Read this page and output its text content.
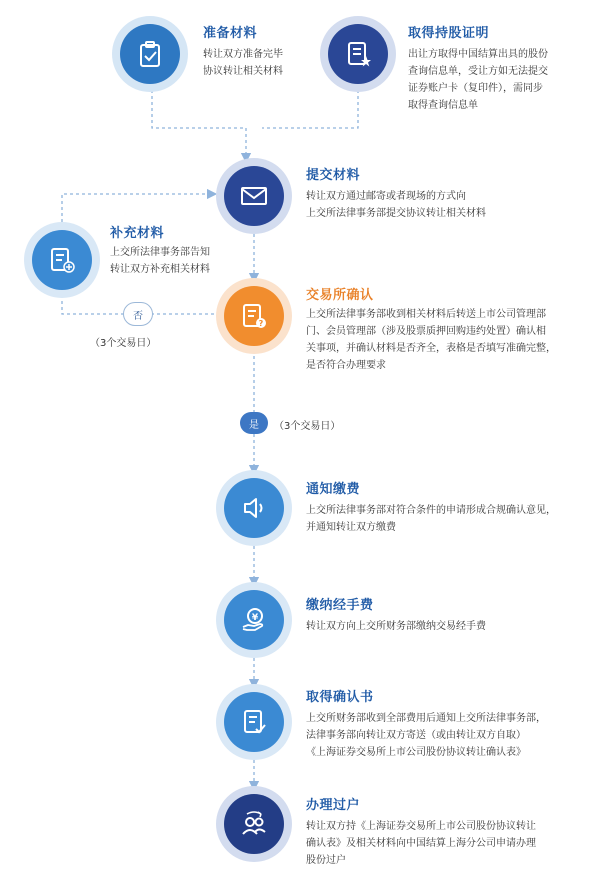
准备材料
转让双方准备完毕
协议转让相关材料
取得持股证明
出让方取得中国结算出具的股份
查询信息单，受让方如无法提交
证券账户卡（复印件），需同步
取得查询信息单
提交材料
转让双方通过邮寄或者现场的方式向
上交所法律事务部提交协议转让相关材料
补充材料
上交所法律事务部告知
转让双方补充相关材料
?
交易所确认
上交所法律事务部收到相关材料后转送上市公司管理部
门、会员管理部（涉及股票质押回购违约处置）确认相
关事项，并确认材料是否齐全，表格是否填写准确完整，
是否符合办理要求
否
（3个交易日）
是	（3个交易日）
通知缴费
上交所法律事务部对符合条件的申请形成合规确认意见，
并通知转让双方缴费
¥
缴纳经手费
转让双方向上交所财务部缴纳交易经手费
取得确认书
上交所财务部收到全部费用后通知上交所法律事务部，
法律事务部向转让双方寄送（或由转让双方自取）
《上海证券交易所上市公司股份协议转让确认表》
办理过户
转让双方持《上海证券交易所上市公司股份协议转让
确认表》及相关材料向中国结算上海分公司申请办理
股份过户
